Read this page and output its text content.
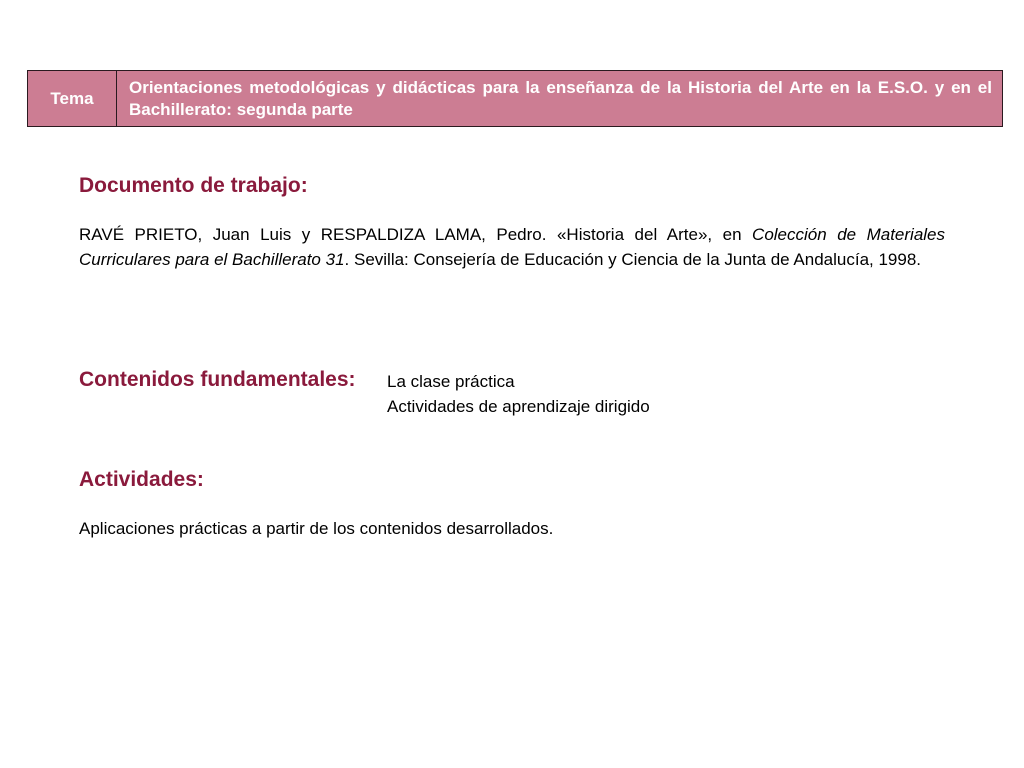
Tema	Orientaciones metodológicas y didácticas para la enseñanza de la Historia del Arte en la E.S.O. y en el Bachillerato: segunda parte
Documento de trabajo:

RAVÉ PRIETO, Juan Luis y RESPALDIZA LAMA, Pedro. «Historia del Arte», en Colección de Materiales Curriculares para el Bachillerato 31. Sevilla: Consejería de Educación y Ciencia de la Junta de Andalucía, 1998.

Contenidos fundamentales: La clase práctica
Actividades de aprendizaje dirigido
Actividades:

Aplicaciones prácticas a partir de los contenidos desarrollados.
